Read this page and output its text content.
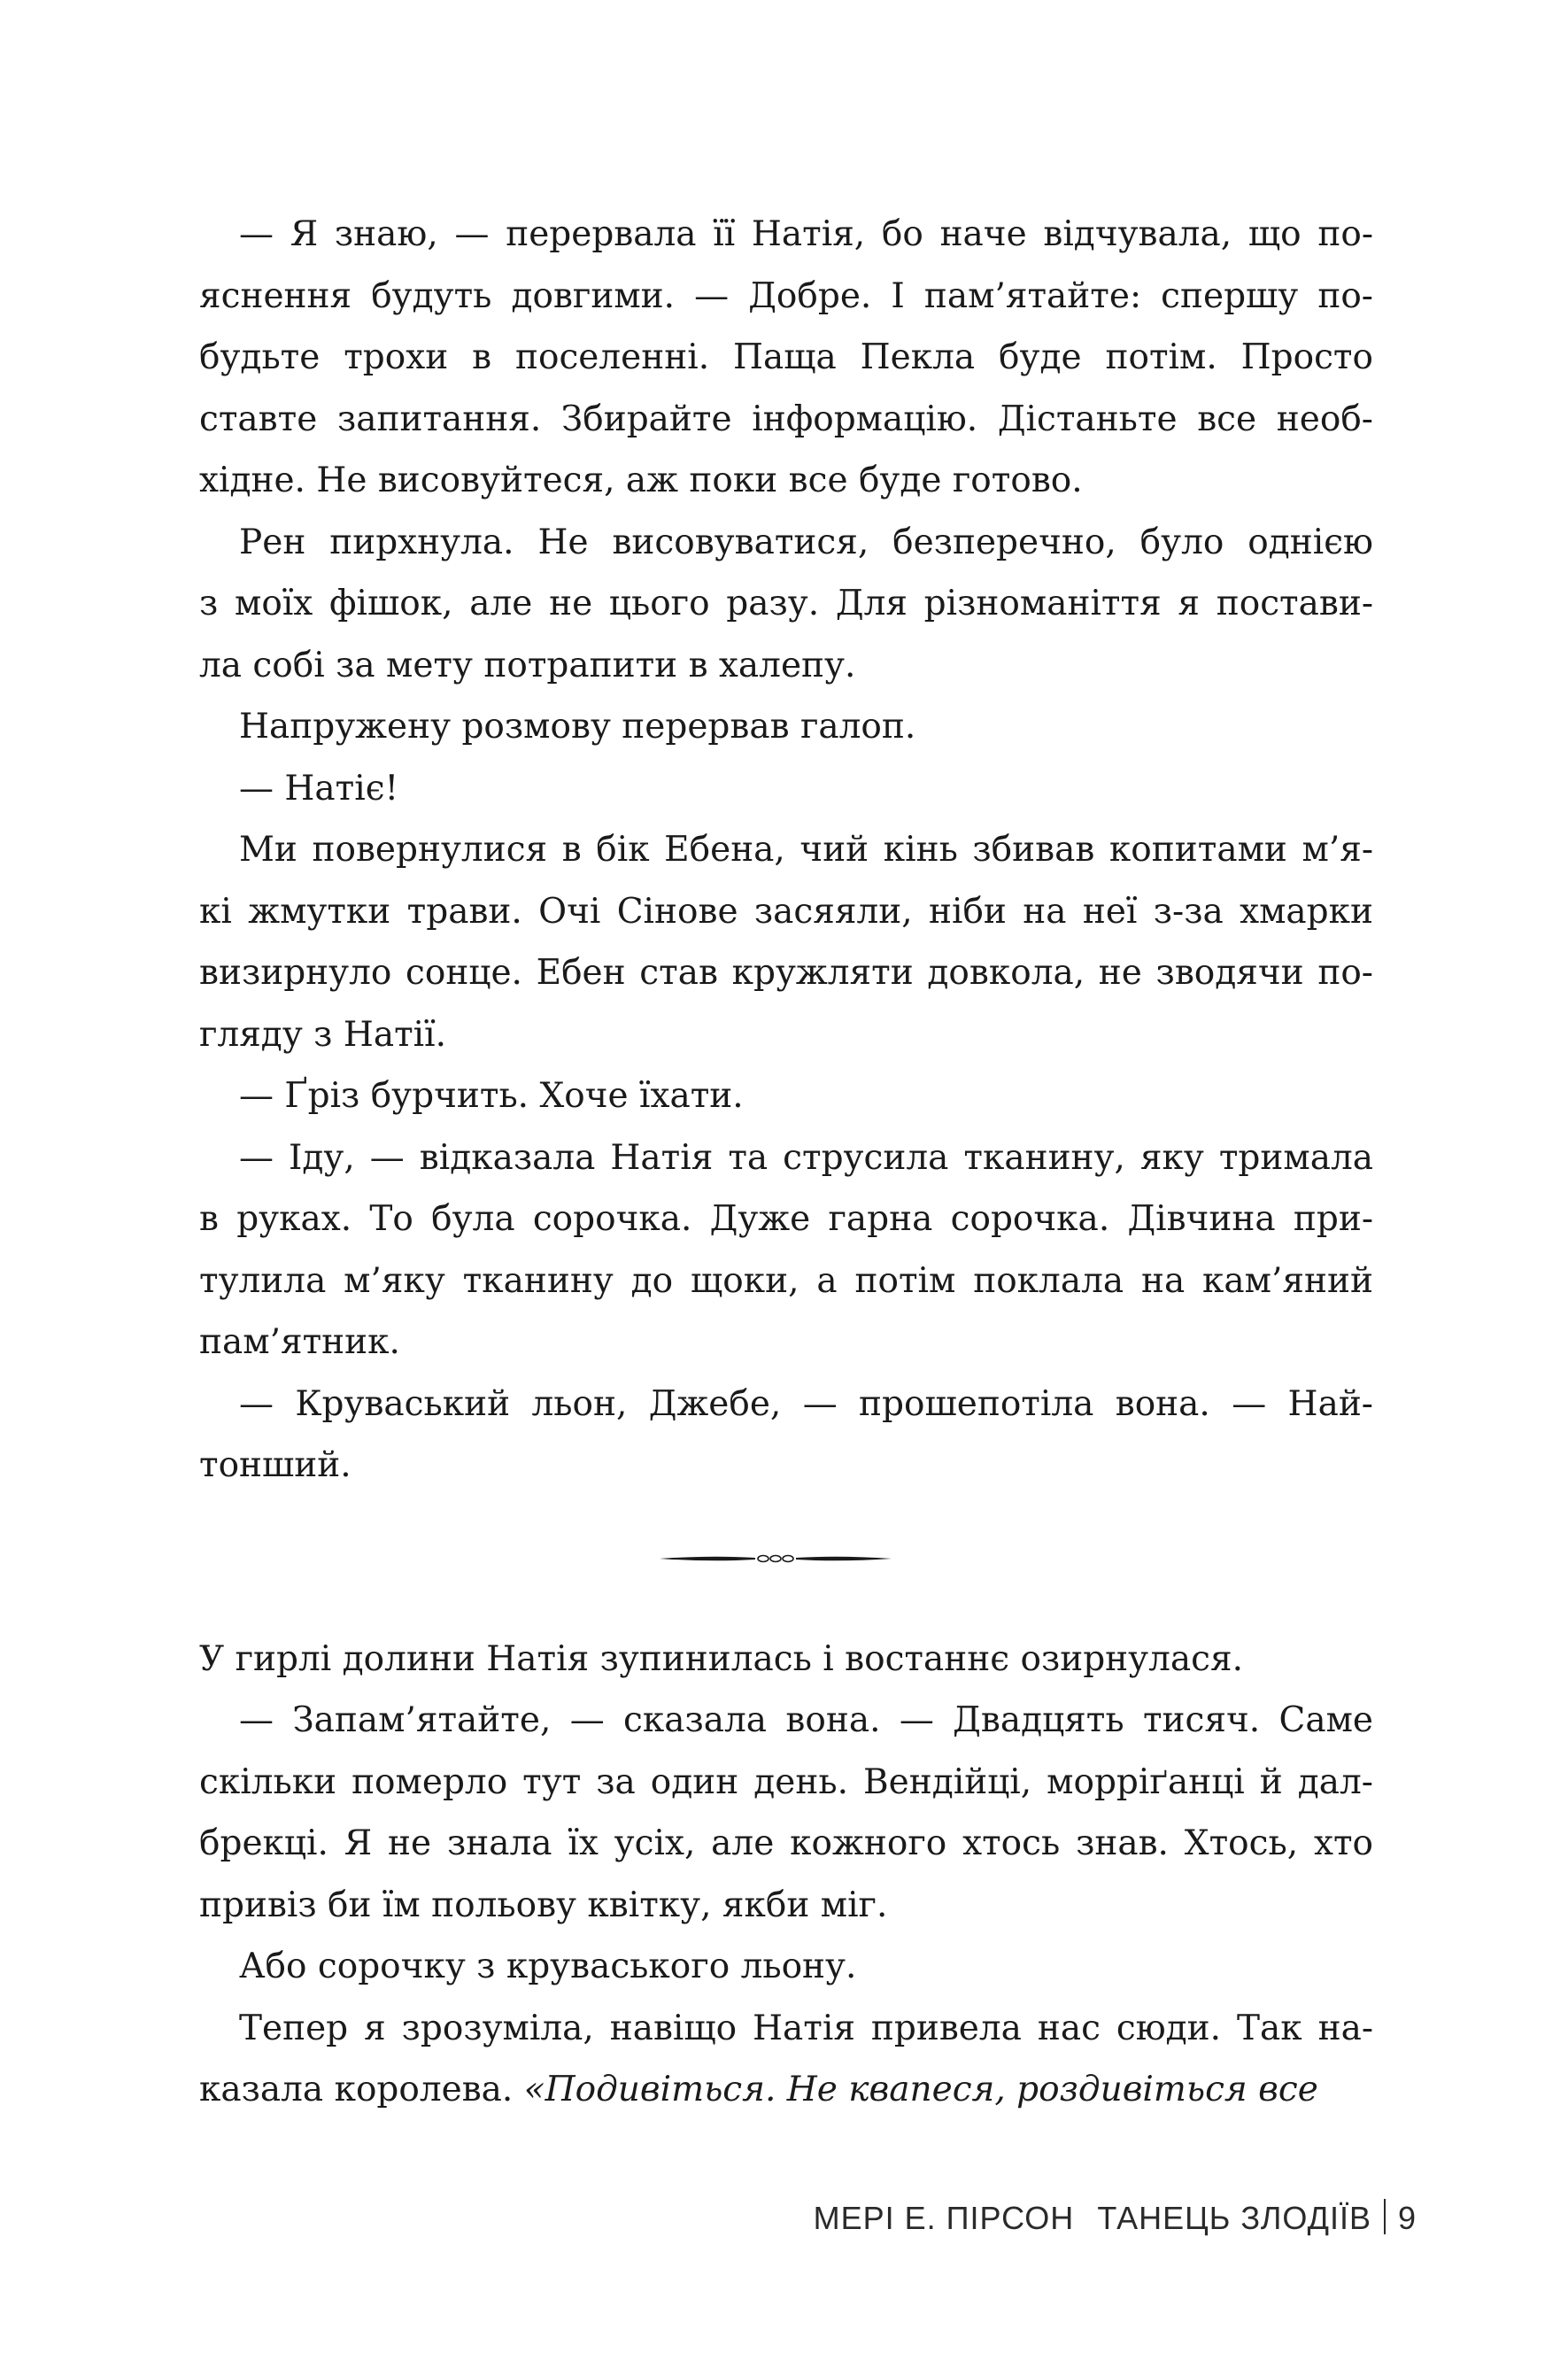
— Я знаю, — перервала її Натія, бо наче відчувала, що по-
яснення будуть довгими. — Добре. І пам’ятайте: спершу по-
будьте трохи в поселенні. Пащa Пекла буде потім. Просто
ставте запитання. Збирайте інформацію. Дістаньте все необ-
хідне. Не висовуйтеся, аж поки все буде готово.
Рен пирхнула. Не висовуватися, безперечно, було однією
з моїх фішок, але не цього разу. Для різноманіття я постави-
ла собі за мету потрапити в халепу.
Напружену розмову перервав галоп.
— Натіє!
Ми повернулися в бік Ебена, чий кінь збивав копитами м’я-
кі жмутки трави. Очі Сінове засяяли, ніби на неї з-за хмарки
визирнуло сонце. Ебен став кружляти довкола, не зводячи по-
гляду з Натії.
— Ґріз бурчить. Хоче їхати.
— Іду, — відказала Натія та струсила тканину, яку тримала
в руках. То була сорочка. Дуже гарна сорочка. Дівчина при-
тулила м’яку тканину до щоки, а потім поклала на кам’яний
пам’ятник.
— Круваський льон, Джебе, — прошепотіла вона. — Най-
тонший.
У гирлі долини Натія зупинилась і востаннє озирнулася.
— Запам’ятайте, — сказала вона. — Двадцять тисяч. Саме
скільки померло тут за один день. Вендійці, морріґанці й дал-
брекці. Я не знала їх усіх, але кожного хтось знав. Хтось, хто
привіз би їм польову квітку, якби міг.
Або сорочку з круваського льону.
Тепер я зрозуміла, навіщо Натія привела нас сюди. Так на-
казала королева. «Подивіться. Не квапеся, роздивіться все
МЕРІ Е. ПІРСОН ТАНЕЦЬ ЗЛОДІЇВ 9
